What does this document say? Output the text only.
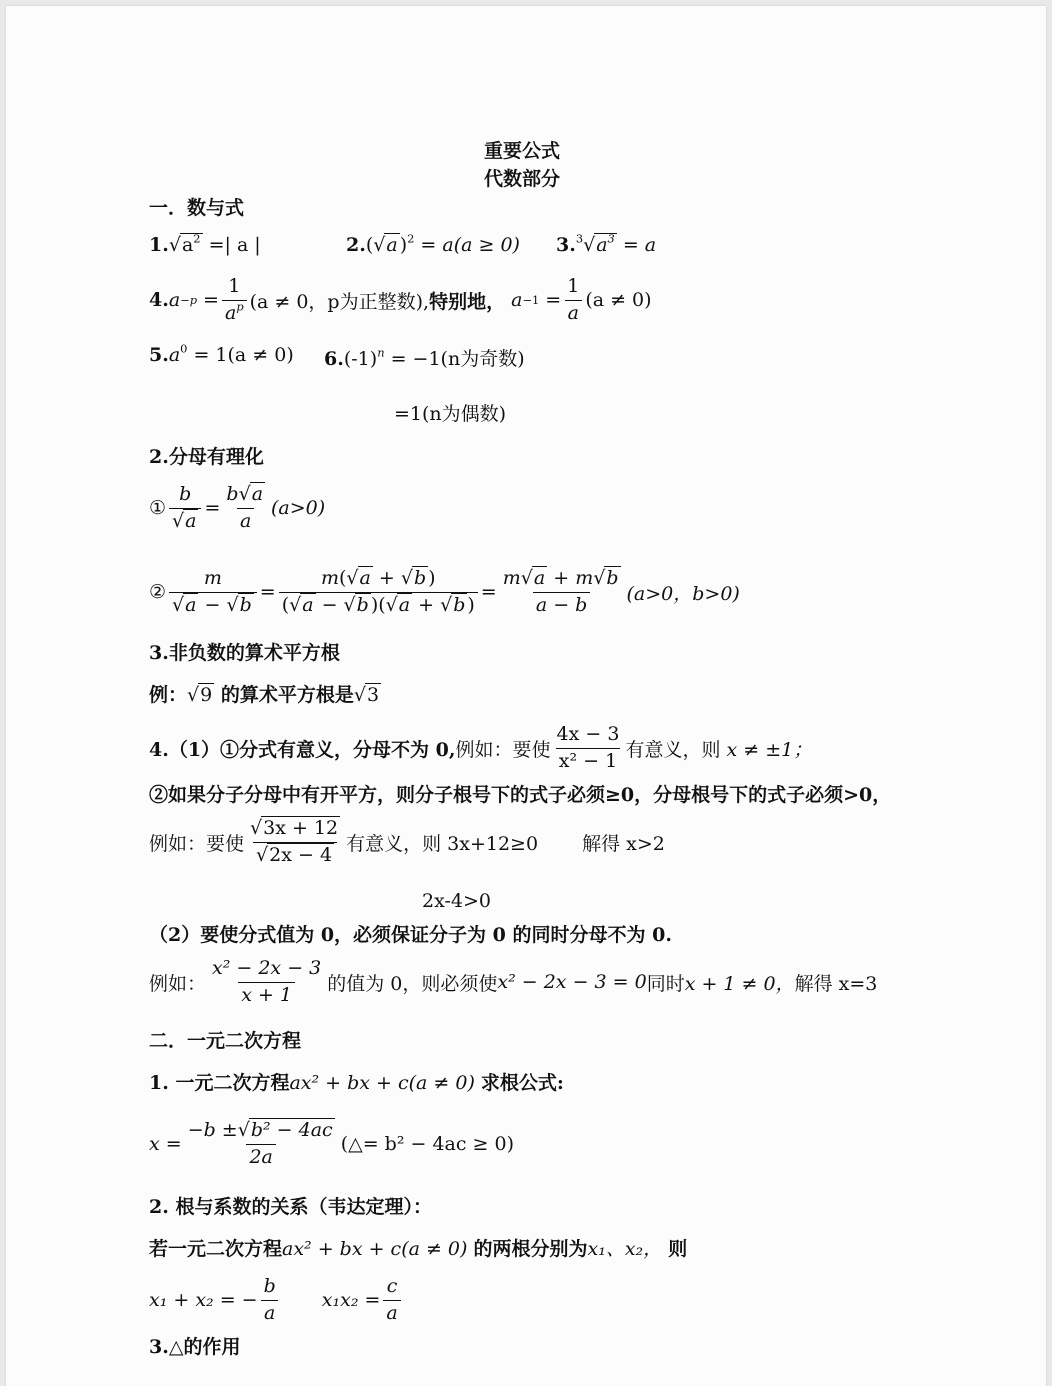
重要公式
代数部分
一．数与式
$1.√a^2$ =| a |	2.(√a )$^2$ = a(a ≥ 0) $3.^3√a^3 = a$
4. $a -p = \frac{1}{a^p} (a \ne 0$，p为正整数), 特别地，
$a -1 = \frac{1}{a} (a \ne 0)$
$5.a^0 = 1(a \ne 0) 6.(-1)^n = -1(n$为奇数)
=1(n为偶数)
2.分母有理化
① $\frac{b}{√a} = \frac{b√a}{a} (a>0)$
② $\frac{m}{√a - √b} = \frac{m(√a + √b )}{(√a - √b )(√a + √b )} = \frac{m√a + m√b}{a - b} (a>0$，b>0)
3.非负数的算术平方根
例：√9 的算术平方根是√3
4.（1）①分式有意义，分母不为 0, 例如：要使 $\frac{4x - 3}{\text{x² − 1}}$ 有意义，则
x ≠ ±1；
②如果分子分母中有开平方，则分子根号下的式子必须≥0，分母根号下的式子必须>0，
例如：要使 $\frac{√3x + 12}{√2x - 4}$ 有意义，则 3x+12≥0 解得 x>2
2x-4>0
（2）要使分式值为 0，必须保证分子为 0 的同时分母不为 0.
例如： $\frac{\text{x² − 2x − 3}}{x + 1}$ 的值为 0，则必须使 x² − 2x − 3 = 0 同时 x + 1 ≠ 0， 解得 x=3
二．一元二次方程
1. 一元二次方程ax² + bx + c(a ≠ 0) 求根公式:
$x = \frac{\text{−b ±√b² − 4ac}}{2a}$ (△= b² − 4ac ≥ 0)
2. 根与系数的关系（韦达定理）：
若一元二次方程ax² + bx + c(a ≠ 0) 的两根分别为x₁、x₂， 则
x₁ + x₂ = − $\frac{b}{a} x_1x_2 = \frac{c}{a}$
3.△的作用
